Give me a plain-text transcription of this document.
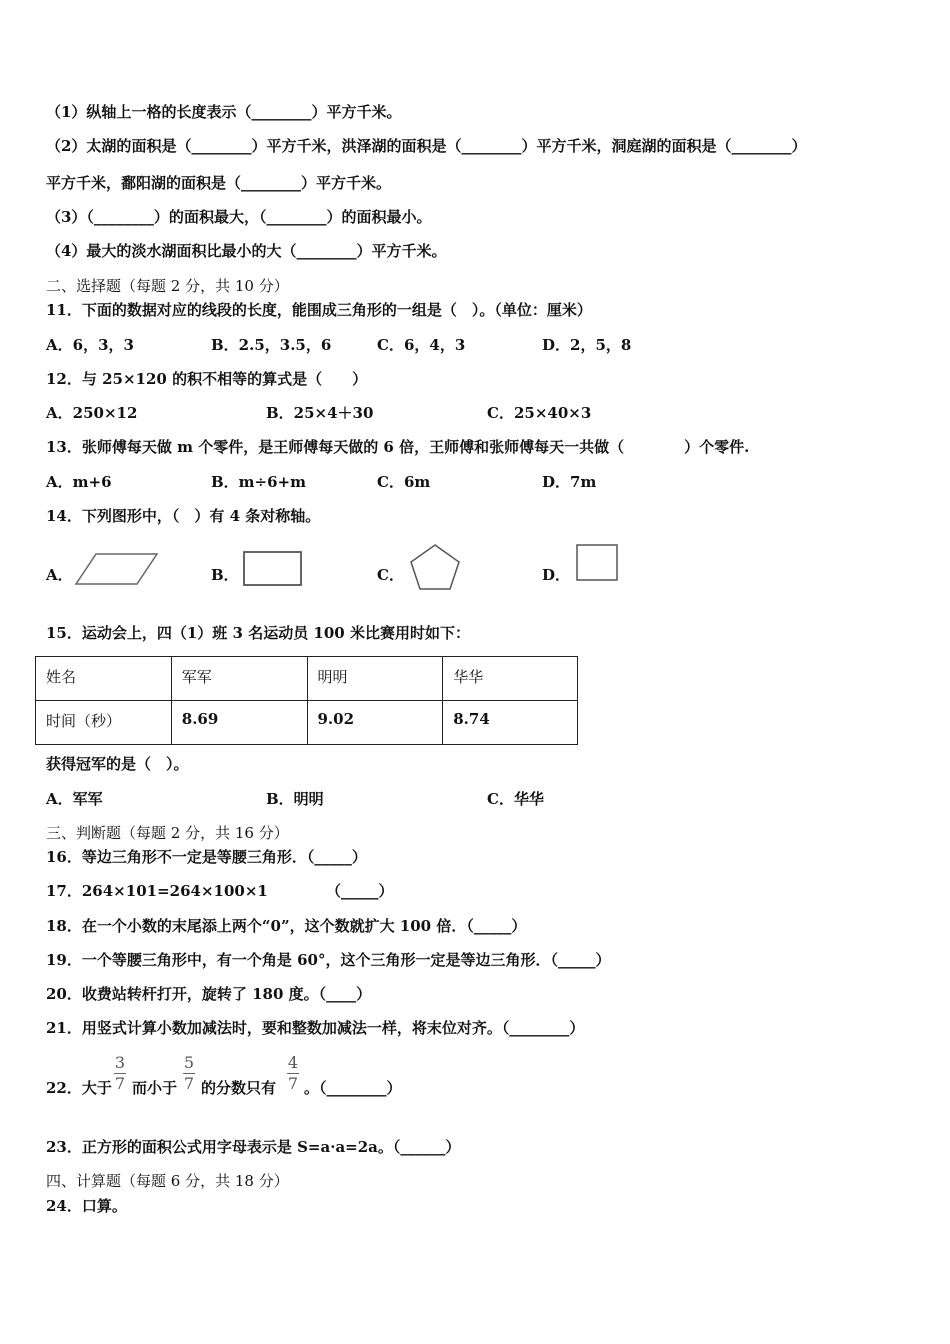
（1）纵轴上一格的长度表示（________）平方千米。
（2）太湖的面积是（________）平方千米，洪泽湖的面积是（________）平方千米，洞庭湖的面积是（________）
平方千米，鄱阳湖的面积是（________）平方千米。
（3）（________）的面积最大，（________）的面积最小。
（4）最大的淡水湖面积比最小的大（________）平方千米。
二、选择题（每题 2 分，共 10 分）
11．下面的数据对应的线段的长度，能围成三角形的一组是（　）。（单位：厘米）
A．6，3，3	B．2.5，3.5，6	C．6，4，3	D．2，5，8
12．与 25×120 的积不相等的算式是（　　）
A．250×12	B．25×4＋30	C．25×40×3
13．张师傅每天做 m 个零件，是王师傅每天做的 6 倍，王师傅和张师傅每天一共做（　　　　）个零件.
A．m+6	B．m÷6+m	C．6m	D．7m
14．下列图形中，（　）有 4 条对称轴。
A．	B．	C．	D．
15．运动会上，四（1）班 3 名运动员 100 米比赛用时如下：
姓名	军军	明明	华华
时间（秒）	8.69	9.02	8.74
获得冠军的是（　）。
A．军军	B．明明	C．华华
三、判断题（每题 2 分，共 16 分）
16．等边三角形不一定是等腰三角形．（_____）
17．264×101=264×100×1	（_____）
18．在一个小数的末尾添上两个“0”，这个数就扩大 100 倍．（_____）
19．一个等腰三角形中，有一个角是 60°，这个三角形一定是等边三角形．（_____）
20．收费站转杆打开，旋转了 180 度。（____）
21．用竖式计算小数加减法时，要和整数加减法一样，将末位对齐。（________）
22．大于
3
7 而小于
5
7 的分数只有
4
7 。（________）
23．正方形的面积公式用字母表示是 S=a·a=2a。（______）
四、计算题（每题 6 分，共 18 分）
24．口算。
